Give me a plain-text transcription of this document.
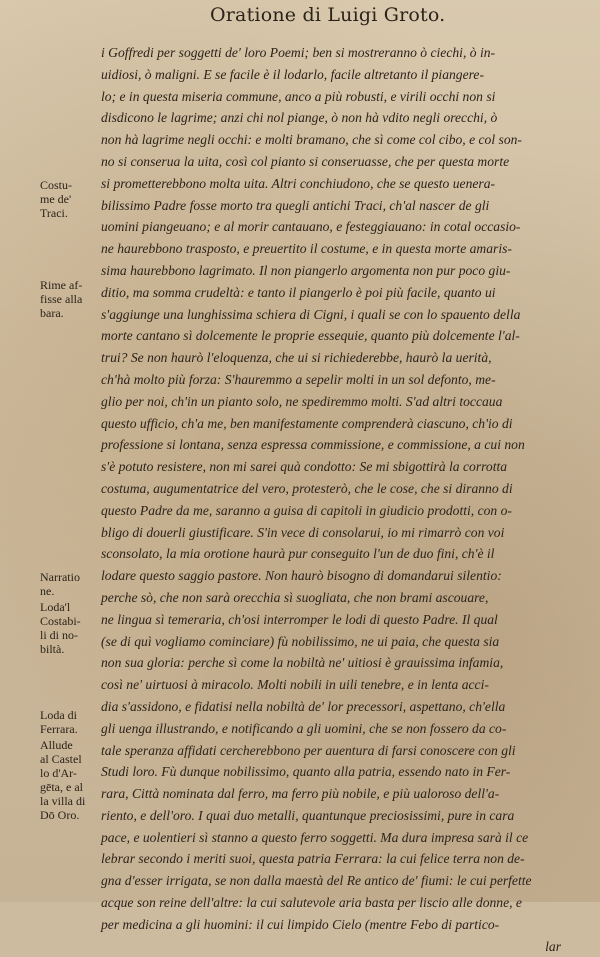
Oratione di Luigi Groto.
i Goffredi per soggetti de' loro Poemi; ben si mostreranno ò ciechi, ò in-
uidiosi, ò maligni. E se facile è il lodarlo, facile altretanto il piangere-
lo; e in questa miseria commune, anco a più robusti, e virili occhi non si
disdicono le lagrime; anzi chi nol piange, ò non hà vdito negli orecchi, ò
non hà lagrime negli occhi: e molti bramano, che sì come col cibo, e col son-
no si conserua la uita, così col pianto si conseruasse, che per questa morte
si prometterebbono molta uita. Altri conchiudono, che se questo uenera-
bilissimo Padre fosse morto tra quegli antichi Traci, ch'al nascer de gli
uomini piangeuano; e al morir cantauano, e festeggiauano: in cotal occasio-
ne haurebbono traspostо, e preuertito il costume, e in questa morte amaris-
sima haurebbono lagrimato. Il non piangerlo argomenta non pur poco giu-
ditio, ma somma crudeltà: e tanto il piangerlo è poi più facile, quanto ui
s'aggiunge una lunghissima schiera di Cigni, i quali se con lo spauento della
morte cantano sì dolcemente le proprie essequie, quanto più dolcemente l'al-
trui? Se non haurò l'eloquenza, che ui si richiederebbe, haurò la uerità,
ch'hà molto più forza: S'hauremmo a sepelir molti in un sol defonto, me-
glio per noi, ch'in un pianto solo, ne spediremmo molti. S'ad altri toccaua
questo ufficio, ch'a me, ben manifestamente comprenderà ciascuno, ch'io di
professione si lontana, senza espressa commissione, e commissione, a cui non
s'è potuto resistere, non mi sarei quà condotto: Se mi sbigottirà la corrotta
costuma, augumentatrice del vero, protesterò, che le cose, che si diranno di
questo Padre da me, saranno a guisa di capitoli in giudicio prodotti, con o-
bligo di douerli giustificare. S'in vece di consolarui, io mi rimarrò con voi
sconsolato, la mia orotione haurà pur conseguito l'un de duo fini, ch'è il
lodare questo saggio pastore. Non haurò bisogno di domandarui silentio:
perche sò, che non sarà orecchia sì suogliata, che non brami ascouare,
ne lingua sì temeraria, ch'osi interromper le lodi di questo Padre. Il qual
(se di quì vogliamo cominciare) fù nobilissimo, ne ui paia, che questa sia
non sua gloria: perche sì come la nobiltà ne' uitiosi è grauissima infamia,
così ne' uirtuosi à miracolo. Molti nobili in uili tenebre, e in lenta acci-
dia s'assidono, e fidatisi nella nobiltà de' lor precessori, aspettano, ch'ella
gli uenga illustrando, e notificando a gli uomini, che se non fossero da co-
tale speranza affidati cercherebbono per auentura di farsi conoscere con gli
Studi loro. Fù dunque nobilissimo, quanto alla patria, essendo nato in Fer-
rara, Città nominata dal ferro, ma ferro più nobile, e più ualoroso dell'a-
riento, e dell'oro. I quai duo metalli, quantunque preciosissimi, pure in cara
pace, e uolentieri sì stanno a questo ferro soggetti. Ma dura impresa sarà il ce
lebrar secondo i meriti suoi, questa patria Ferrara: la cui felice terra non de-
gna d'esser irrigata, se non dalla maestà del Re antico de' fiumi: le cui perfette
acque son reine dell'altre: la cui salutevole aria basta per liscio alle donne, e
per medicina a gli huomini: il cui limpido Cielo (mentre Febo di partico-
lar
Costu-
me de'
Traci.
Rime af-
fisse alla
bara.
Narratio
ne.
Loda'l
Costabi-
li di no-
biltà.
Loda di
Ferrara.
Allude
al Castel
lo d'Ar-
gēta, e al
la villa di
Dō Oro.
